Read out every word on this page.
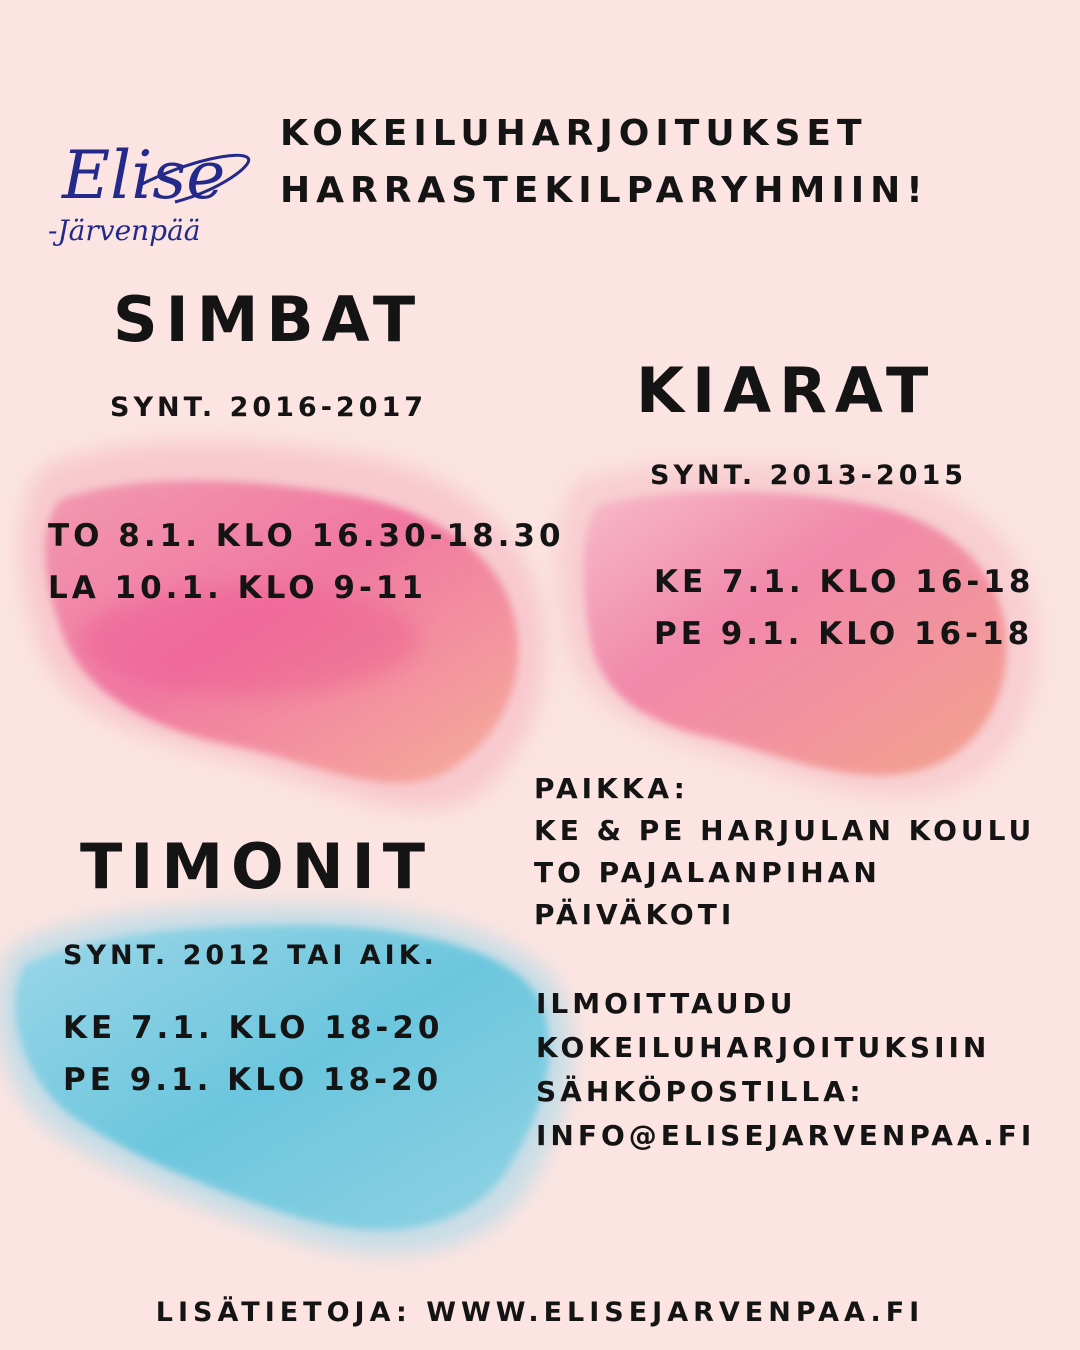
Elise
-Järvenpää
KOKEILUHARJOITUKSET
HARRASTEKILPARYHMIIN!
SIMBAT
SYNT. 2016-2017
TO 8.1. KLO 16.30-18.30
LA 10.1. KLO 9-11
KIARAT
SYNT. 2013-2015
KE 7.1. KLO 16-18
PE 9.1. KLO 16-18
TIMONIT
SYNT. 2012 TAI AIK.
KE 7.1. KLO 18-20
PE 9.1. KLO 18-20
PAIKKA:
KE & PE HARJULAN KOULU
TO PAJALANPIHAN
PÄIVÄKOTI
ILMOITTAUDU
KOKEILUHARJOITUKSIIN
SÄHKÖPOSTILLA:
INFO@ELISEJARVENPAA.FI
LISÄTIETOJA: WWW.ELISEJARVENPAA.FI
